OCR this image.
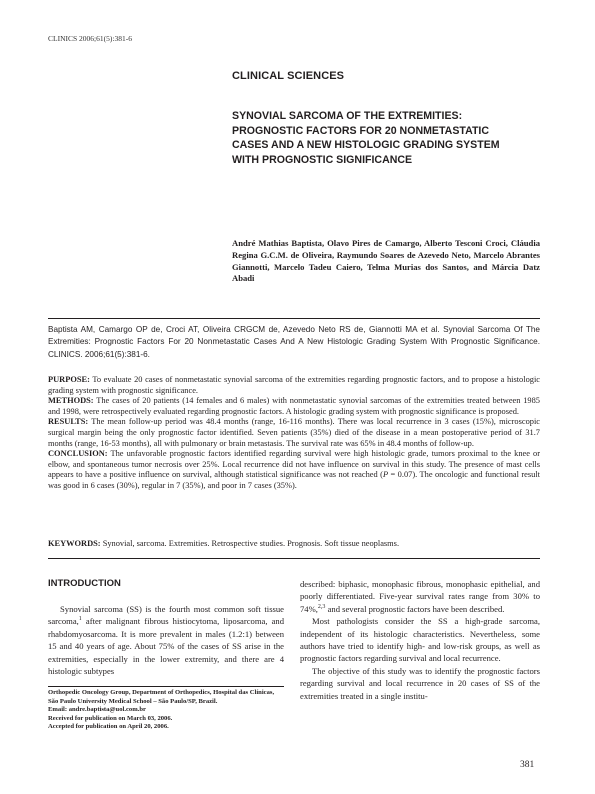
CLINICS 2006;61(5):381-6
CLINICAL SCIENCES
SYNOVIAL SARCOMA OF THE EXTREMITIES:
PROGNOSTIC FACTORS FOR 20 NONMETASTATIC
CASES AND A NEW HISTOLOGIC GRADING SYSTEM
WITH PROGNOSTIC SIGNIFICANCE
André Mathias Baptista, Olavo Pires de Camargo, Alberto Tesconi Croci, Cláudia Regina G.C.M. de Oliveira, Raymundo Soares de Azevedo Neto, Marcelo Abrantes Giannotti, Marcelo Tadeu Caiero, Telma Murias dos Santos, and Márcia Datz Abadi
Baptista AM, Camargo OP de, Croci AT, Oliveira CRGCM de, Azevedo Neto RS de, Giannotti MA et al. Synovial Sarcoma Of The Extremities: Prognostic Factors For 20 Nonmetastatic Cases And A New Histologic Grading System With Prognostic Significance. CLINICS. 2006;61(5):381-6.

PURPOSE: To evaluate 20 cases of nonmetastatic synovial sarcoma of the extremities regarding prognostic factors, and to propose a histologic grading system with prognostic significance.

METHODS: The cases of 20 patients (14 females and 6 males) with nonmetastatic synovial sarcomas of the extremities treated between 1985 and 1998, were retrospectively evaluated regarding prognostic factors. A histologic grading system with prognostic significance is proposed.

RESULTS: The mean follow-up period was 48.4 months (range, 16-116 months). There was local recurrence in 3 cases (15%), microscopic surgical margin being the only prognostic factor identified. Seven patients (35%) died of the disease in a mean postoperative period of 31.7 months (range, 16-53 months), all with pulmonary or brain metastasis. The survival rate was 65% in 48.4 months of follow-up.

CONCLUSION: The unfavorable prognostic factors identified regarding survival were high histologic grade, tumors proximal to the knee or elbow, and spontaneous tumor necrosis over 25%. Local recurrence did not have influence on survival in this study. The presence of mast cells appears to have a positive influence on survival, although statistical significance was not reached (P = 0.07). The oncologic and functional result was good in 6 cases (30%), regular in 7 (35%), and poor in 7 cases (35%).

KEYWORDS: Synovial, sarcoma. Extremities. Retrospective studies. Prognosis. Soft tissue neoplasms.
INTRODUCTION

Synovial sarcoma (SS) is the fourth most common soft tissue sarcoma,$^1$ after malignant fibrous histiocytoma, liposarcoma, and rhabdomyosarcoma. It is more prevalent in males (1.2:1) between 15 and 40 years of age. About 75% of the cases of SS arise in the extremities, especially in the lower extremity, and there are 4 histologic subtypes

described: biphasic, monophasic fibrous, monophasic epithelial, and poorly differentiated. Five-year survival rates range from 30% to 74%,$^{2,3}$ and several prognostic factors have been described.

Most pathologists consider the SS a high-grade sarcoma, independent of its histologic characteristics. Nevertheless, some authors have tried to identify high- and low-risk groups, as well as prognostic factors regarding survival and local recurrence.

The objective of this study was to identify the prognostic factors regarding survival and local recurrence in 20 cases of SS of the extremities treated in a single institu-

Orthopedic Oncology Group, Department of Orthopedics, Hospital das Clínicas, São Paulo University Medical School – São Paulo/SP, Brazil.
Email: andre.baptista@uol.com.br
Received for publication on March 03, 2006.
Accepted for publication on April 20, 2006.
381
